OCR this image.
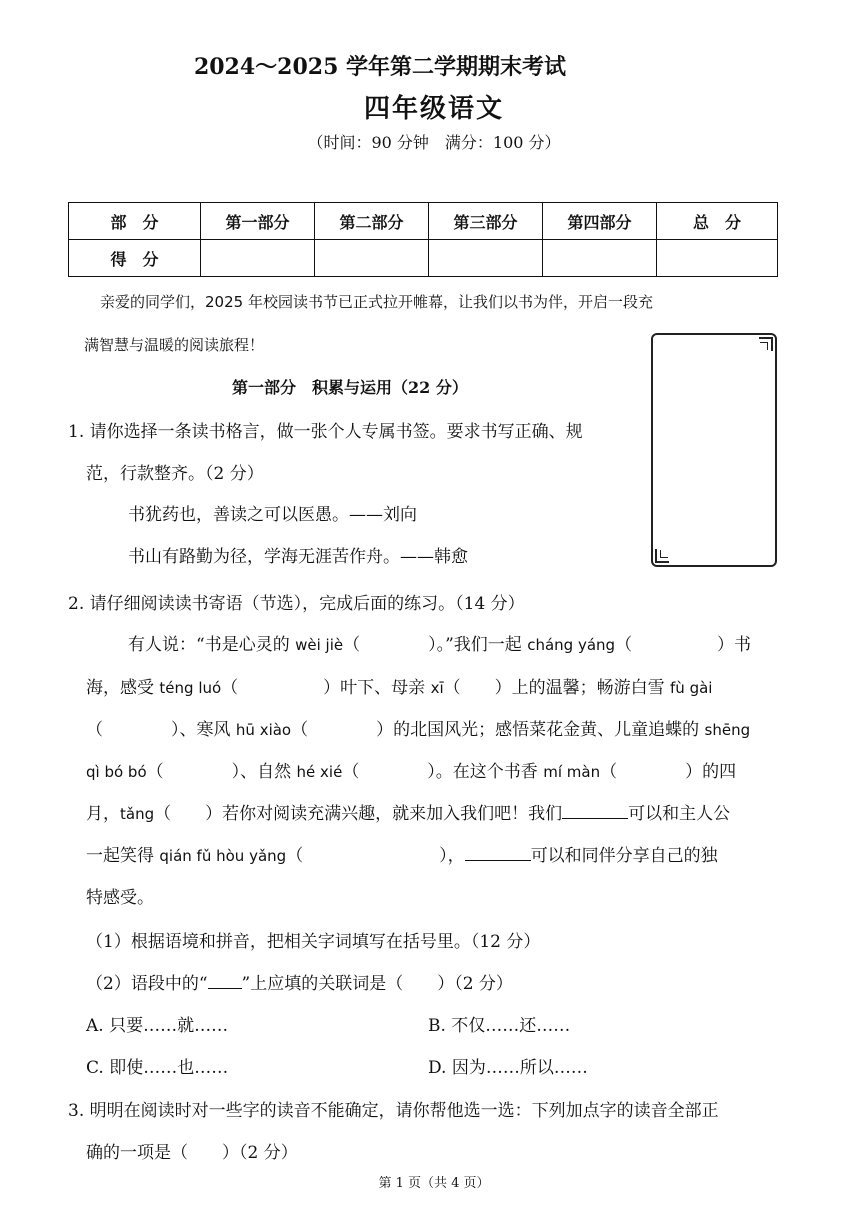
2024～2025 学年第二学期期末考试
四年级语文
（时间：90 分钟　满分：100 分）
部　分	第一部分	第二部分	第三部分	第四部分	总　分
得　分					
亲爱的同学们，2025 年校园读书节已正式拉开帷幕，让我们以书为伴，开启一段充
满智慧与温暖的阅读旅程！
第一部分　积累与运用（22 分）
1. 请你选择一条读书格言，做一张个人专属书签。要求书写正确、规
范，行款整齐。（2 分）
书犹药也，善读之可以医愚。——刘向
书山有路勤为径，学海无涯苦作舟。——韩愈
2. 请仔细阅读读书寄语（节选），完成后面的练习。（14 分）
有人说：“书是心灵的 wèi jiè（　　　　）。”我们一起 cháng yáng（　　　　　）书
海，感受 téng luó（　　　　　）叶下、母亲 xī（　　）上的温馨；畅游白雪 fù gài
（　　　　）、寒风 hū xiào（　　　　）的北国风光；感悟菜花金黄、儿童追蝶的 shēng
qì bó bó（　　　　）、自然 hé xié（　　　　）。在这个书香 mí màn（　　　　）的四
月，tǎng（　　）若你对阅读充满兴趣，就来加入我们吧！我们	可以和主人公
一起笑得 qián fǔ hòu yǎng（　　　　　　　　），	可以和同伴分享自己的独
特感受。
（1）根据语境和拼音，把相关字词填写在括号里。（12 分）
（2）语段中的“ ”上应填的关联词是（　　）（2 分）
A. 只要……就……	B. 不仅……还……
C. 即使……也……	D. 因为……所以……
3. 明明在阅读时对一些字的读音不能确定，请你帮他选一选：下列加点字的读音全部正
确的一项是（　　）（2 分）
第 1 页（共 4 页）
